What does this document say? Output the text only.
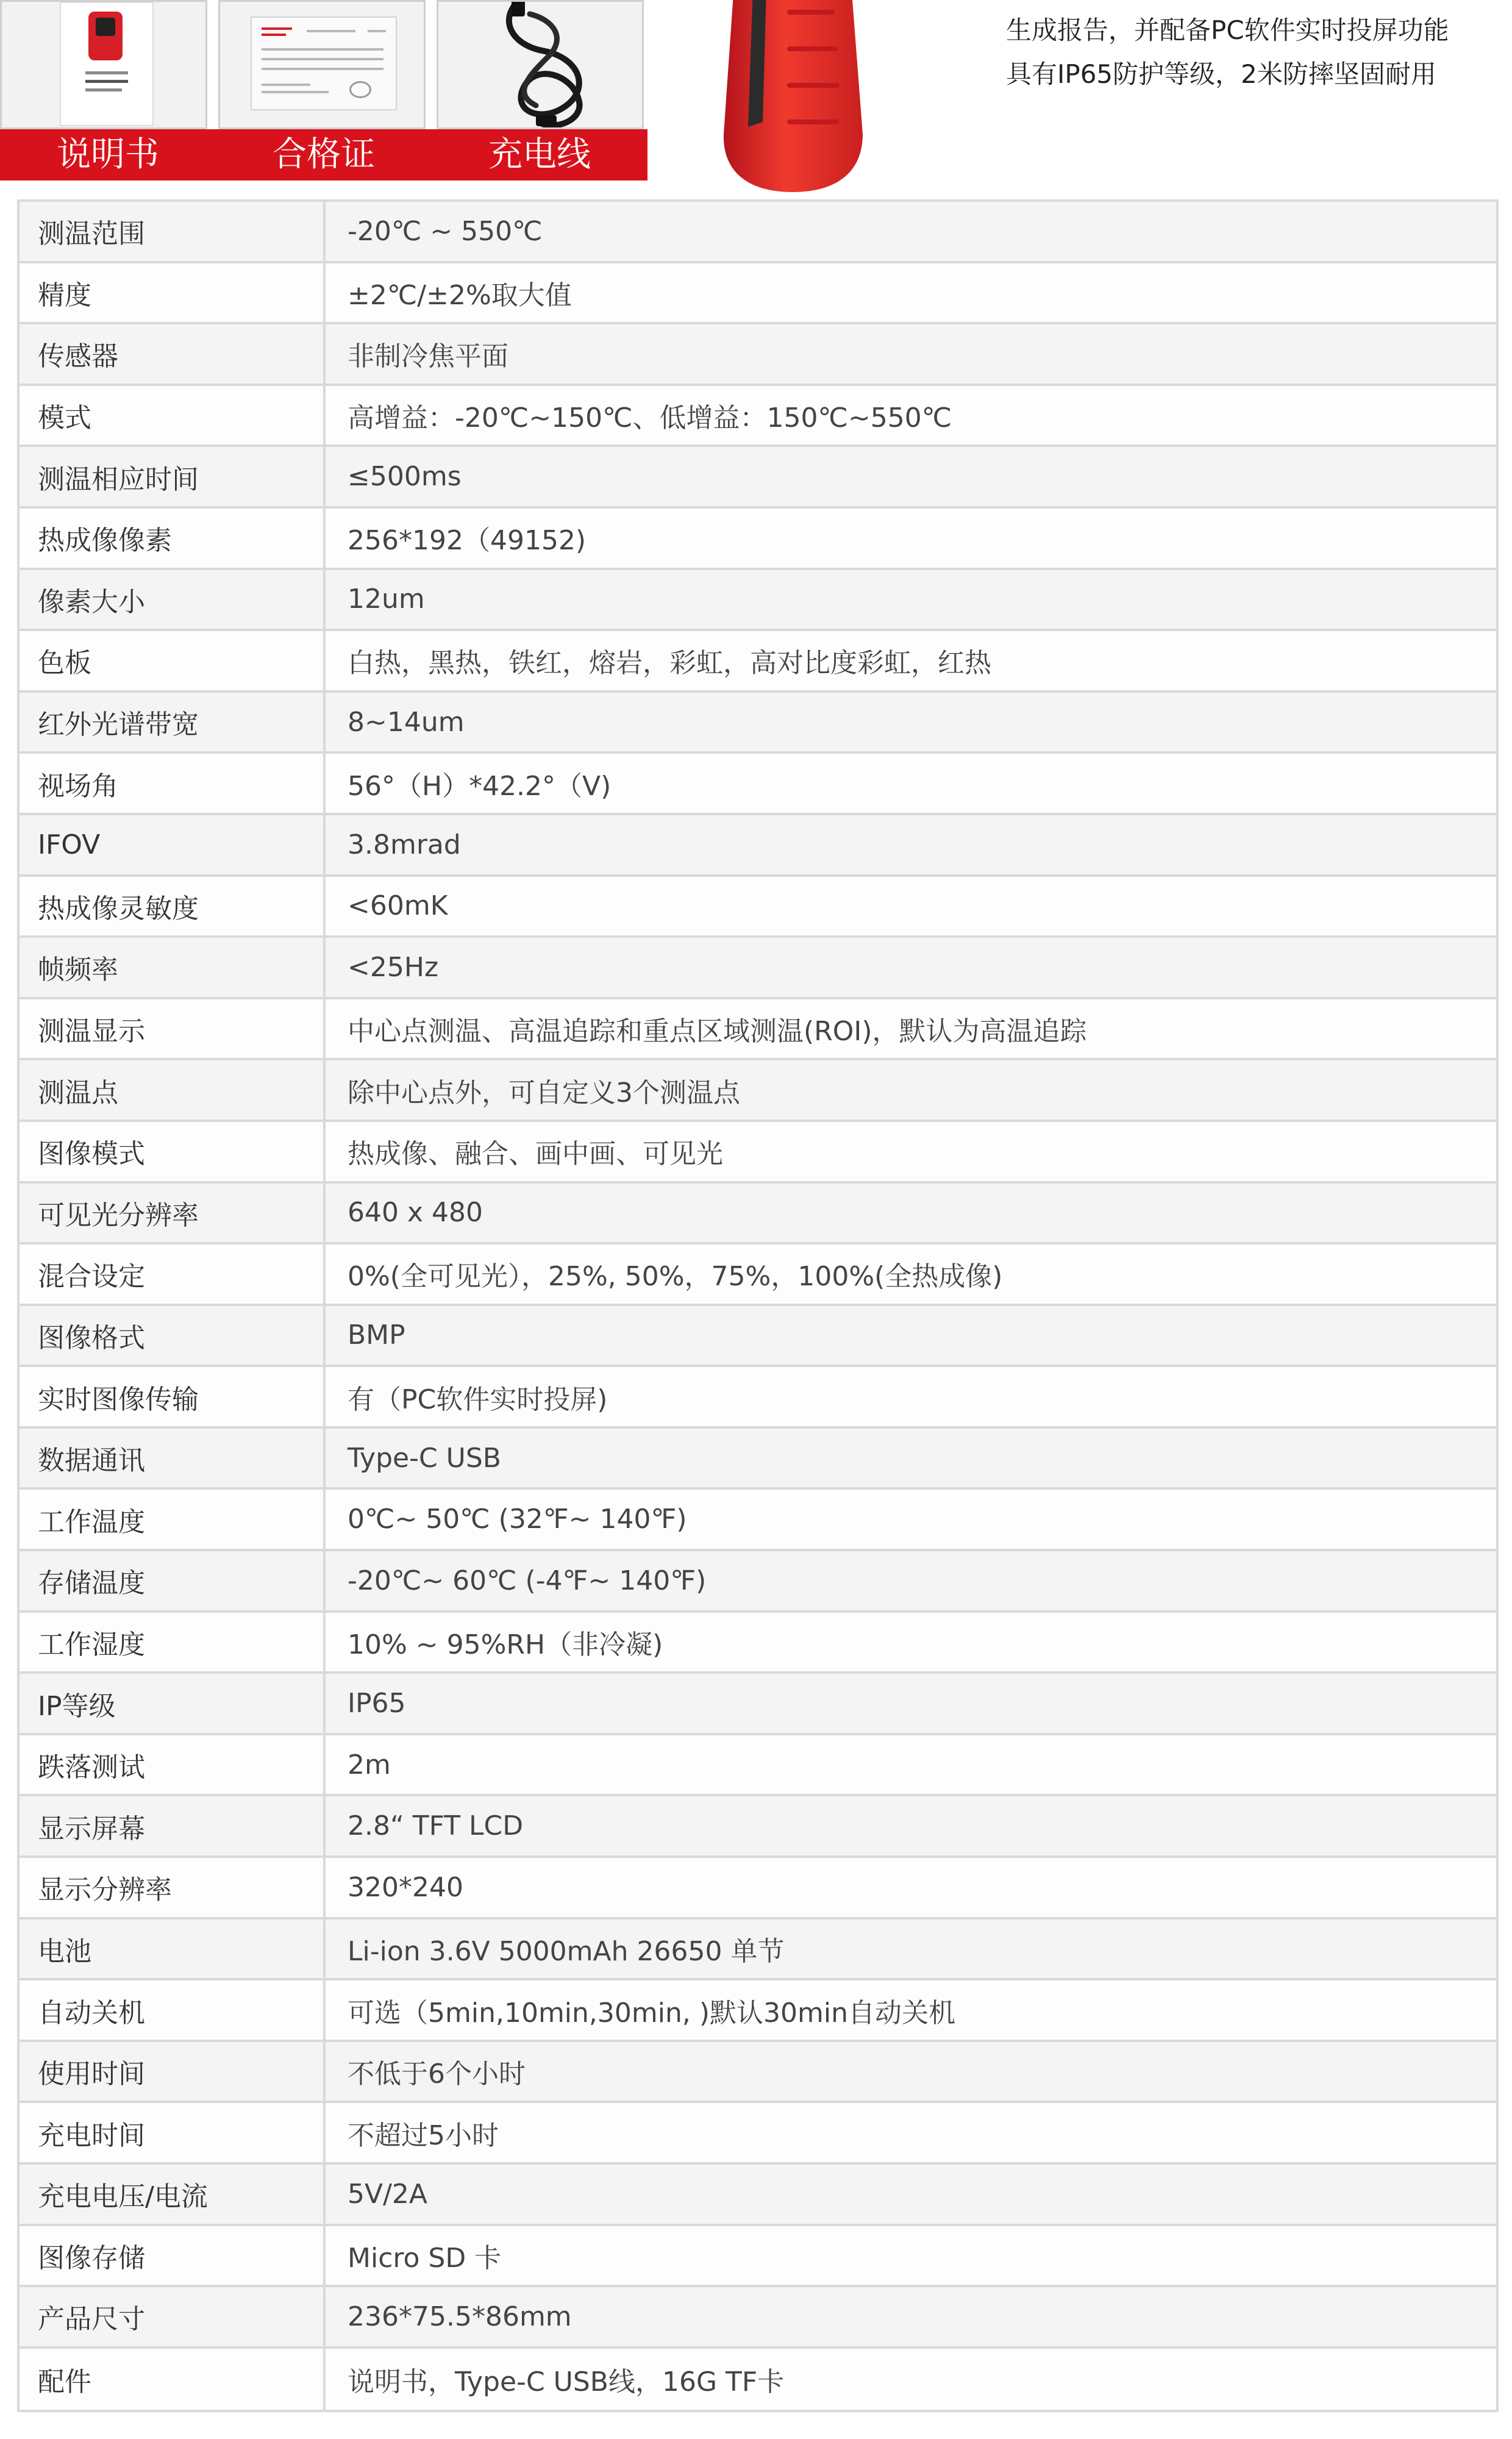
说明书	合格证	充电线
生成报告，并配备PC软件实时投屏功能
具有IP65防护等级，2米防摔坚固耐用
测温范围	-20℃ ~ 550℃
精度	±2℃/±2%取大值
传感器	非制冷焦平面
模式	高增益：-20℃~150℃、低增益：150℃~550℃
测温相应时间	≤500ms
热成像像素	256*192（49152)
像素大小	12um
色板	白热，黑热，铁红，熔岩，彩虹，高对比度彩虹，红热
红外光谱带宽	8~14um
视场角	56°（H）*42.2°（V)
IFOV	3.8mrad
热成像灵敏度	<60mK
帧频率	<25Hz
测温显示	中心点测温、高温追踪和重点区域测温(ROI)，默认为高温追踪
测温点	除中心点外，可自定义3个测温点
图像模式	热成像、融合、画中画、可见光
可见光分辨率	640 x 480
混合设定	0%(全可见光），25%, 50%，75%，100%(全热成像)
图像格式	BMP
实时图像传输	有（PC软件实时投屏)
数据通讯	Type-C USB
工作温度	0℃~ 50℃ (32℉~ 140℉)
存储温度	-20℃~ 60℃ (-4℉~ 140℉)
工作湿度	10% ~ 95%RH（非冷凝)
IP等级	IP65
跌落测试	2m
显示屏幕	2.8“ TFT LCD
显示分辨率	320*240
电池	Li-ion 3.6V 5000mAh 26650 单节
自动关机	可选（5min,10min,30min, )默认30min自动关机
使用时间	不低于6个小时
充电时间	不超过5小时
充电电压/电流	5V/2A
图像存储	Micro SD 卡
产品尺寸	236*75.5*86mm
配件	说明书，Type-C USB线，16G TF卡
